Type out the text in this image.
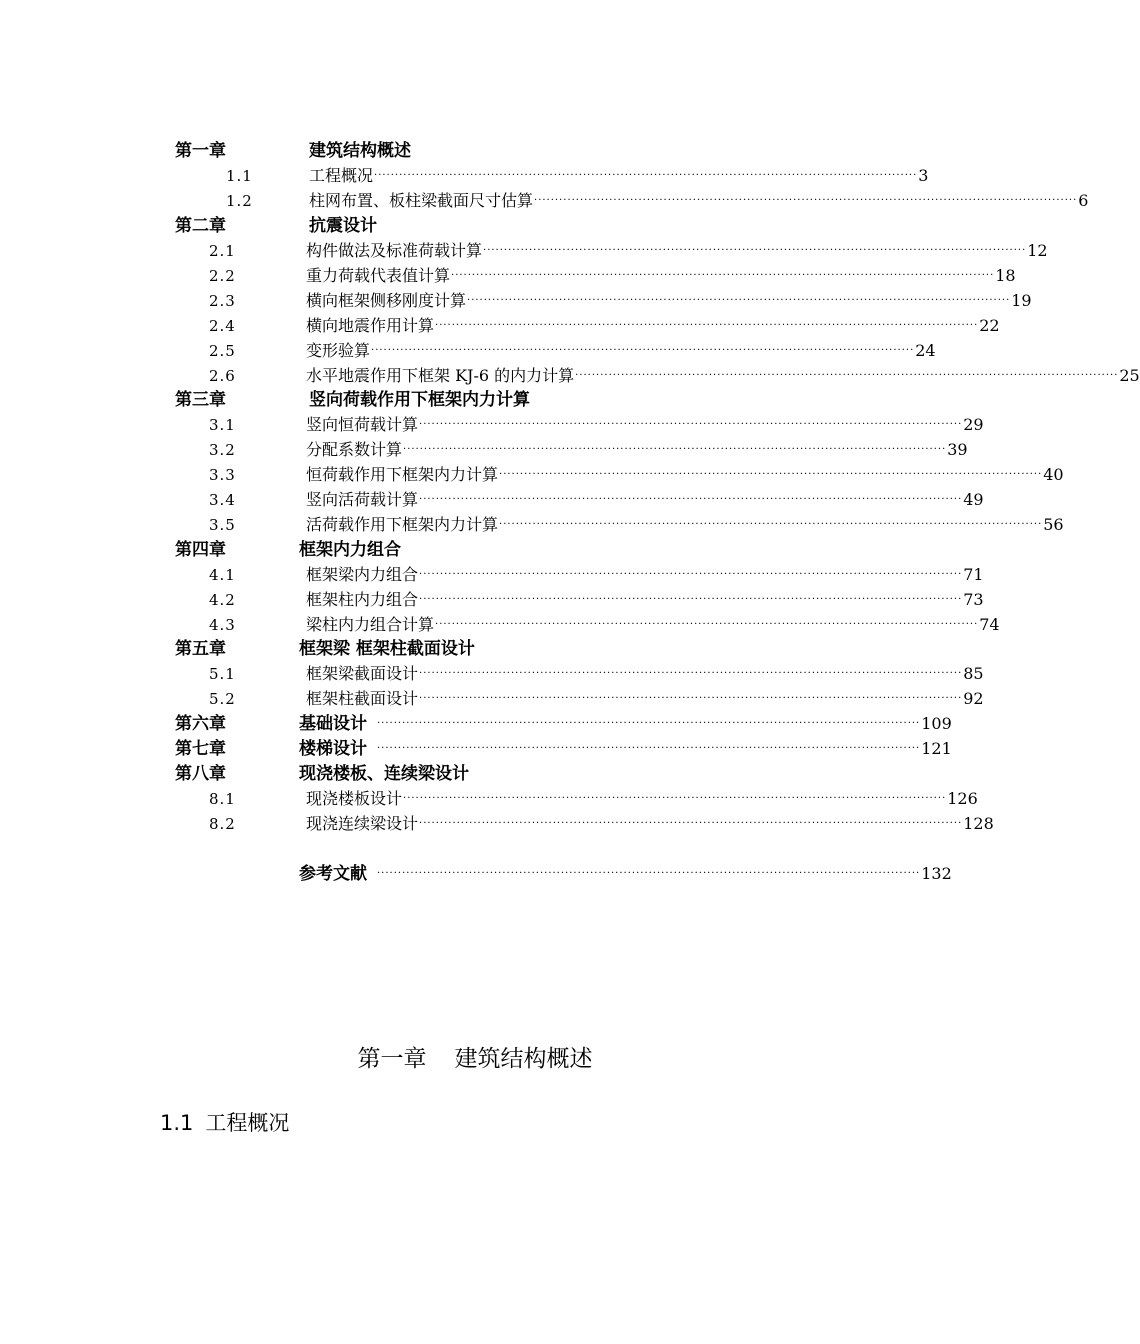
第一章	建筑结构概述
1.1	工程概况 ·································································································································· 3
1.2	柱网布置、板柱梁截面尺寸估算 ·································································································································· 6
第二章	抗震设计
2.1	构件做法及标准荷载计算 ·································································································································· 12
2.2	重力荷载代表值计算 ·································································································································· 18
2.3	横向框架侧移刚度计算 ·································································································································· 19
2.4	横向地震作用计算 ·································································································································· 22
2.5	变形验算 ·································································································································· 24
2.6	水平地震作用下框架 KJ-6 的内力计算 ·································································································································· 25
第三章	竖向荷载作用下框架内力计算
3.1	竖向恒荷载计算 ·································································································································· 29
3.2	分配系数计算 ·································································································································· 39
3.3	恒荷载作用下框架内力计算 ·································································································································· 40
3.4	竖向活荷载计算 ·································································································································· 49
3.5	活荷载作用下框架内力计算 ·································································································································· 56
第四章	框架内力组合
4.1	框架梁内力组合 ·································································································································· 71
4.2	框架柱内力组合 ·································································································································· 73
4.3	梁柱内力组合计算 ·································································································································· 74
第五章	框架梁 框架柱截面设计
5.1	框架梁截面设计 ·································································································································· 85
5.2	框架柱截面设计 ·································································································································· 92
第六章	基础设计 ·································································································································· 109
第七章	楼梯设计 ·································································································································· 121
第八章	现浇楼板、连续梁设计
8.1	现浇楼板设计 ·································································································································· 126
8.2	现浇连续梁设计 ·································································································································· 128
参考文献 ·································································································································· 132
第一章 建筑结构概述
1.1 工程概况
